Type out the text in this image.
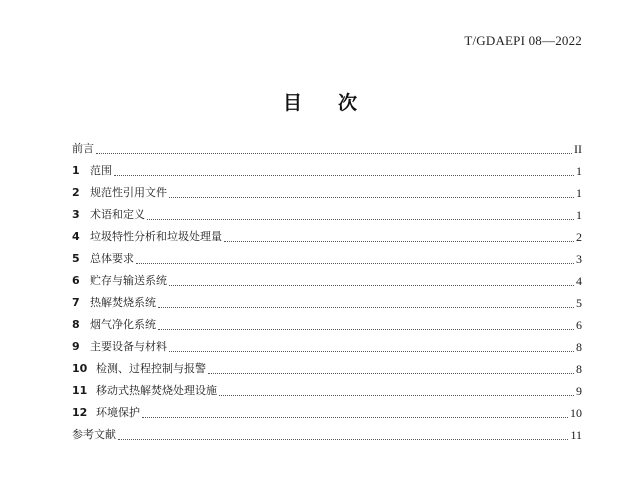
T/GDAEPI 08—2022
目 次
前言	II
1 范围	1
2 规范性引用文件	1
3 术语和定义	1
4 垃圾特性分析和垃圾处理量	2
5 总体要求	3
6 贮存与输送系统	4
7 热解焚烧系统	5
8 烟气净化系统	6
9 主要设备与材料	8
10 检测、过程控制与报警	8
11 移动式热解焚烧处理设施	9
12 环境保护	10
参考文献	11
